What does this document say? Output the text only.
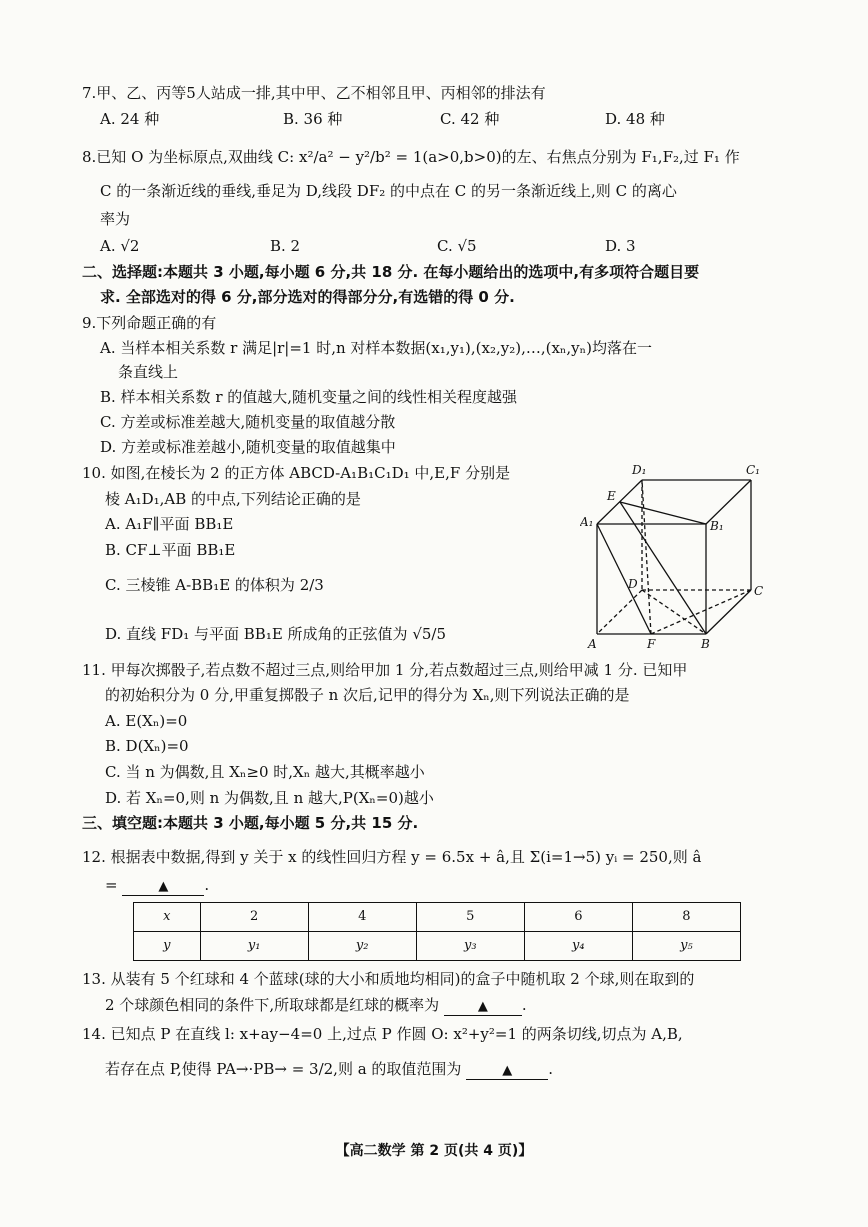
7.甲、乙、丙等5人站成一排,其中甲、乙不相邻且甲、丙相邻的排法有
A. 24 种	B. 36 种	C. 42 种	D. 48 种
8.已知 O 为坐标原点,双曲线 C: x²/a² − y²/b² = 1(a>0,b>0)的左、右焦点分别为 F₁,F₂,过 F₁ 作
C 的一条渐近线的垂线,垂足为 D,线段 DF₂ 的中点在 C 的另一条渐近线上,则 C 的离心
率为
A. √2	B. 2	C. √5	D. 3
二、选择题:本题共 3 小题,每小题 6 分,共 18 分. 在每小题给出的选项中,有多项符合题目要
求. 全部选对的得 6 分,部分选对的得部分分,有选错的得 0 分.
9.下列命题正确的有
A. 当样本相关系数 r 满足|r|=1 时,n 对样本数据(x₁,y₁),(x₂,y₂),…,(xₙ,yₙ)均落在一
条直线上
B. 样本相关系数 r 的值越大,随机变量之间的线性相关程度越强
C. 方差或标准差越大,随机变量的取值越分散
D. 方差或标准差越小,随机变量的取值越集中
10. 如图,在棱长为 2 的正方体 ABCD-A₁B₁C₁D₁ 中,E,F 分别是
棱 A₁D₁,AB 的中点,下列结论正确的是
A. A₁F∥平面 BB₁E
B. CF⊥平面 BB₁E
C. 三棱锥 A-BB₁E 的体积为 2/3
D. 直线 FD₁ 与平面 BB₁E 所成角的正弦值为 √5/5
D₁	C₁
E
A₁	B₁
D	C
A	F	B
11. 甲每次掷骰子,若点数不超过三点,则给甲加 1 分,若点数超过三点,则给甲减 1 分. 已知甲
的初始积分为 0 分,甲重复掷骰子 n 次后,记甲的得分为 Xₙ,则下列说法正确的是
A. E(Xₙ)=0
B. D(Xₙ)=0
C. 当 n 为偶数,且 Xₙ≥0 时,Xₙ 越大,其概率越小
D. 若 Xₙ=0,则 n 为偶数,且 n 越大,P(Xₙ=0)越小
三、填空题:本题共 3 小题,每小题 5 分,共 15 分.
12. 根据表中数据,得到 y 关于 x 的线性回归方程 y = 6.5x + â,且 Σ(i=1→5) yᵢ = 250,则 â
=	▲ .
x	2	4	5	6	8
y	y₁	y₂	y₃	y₄	y₅
13. 从装有 5 个红球和 4 个蓝球(球的大小和质地均相同)的盒子中随机取 2 个球,则在取到的
2 个球颜色相同的条件下,所取球都是红球的概率为	▲ .
14. 已知点 P 在直线 l: x+ay−4=0 上,过点 P 作圆 O: x²+y²=1 的两条切线,切点为 A,B,
若存在点 P,使得 PA→·PB→ = 3/2,则 a 的取值范围为	▲ .
【高二数学 第 2 页(共 4 页)】
